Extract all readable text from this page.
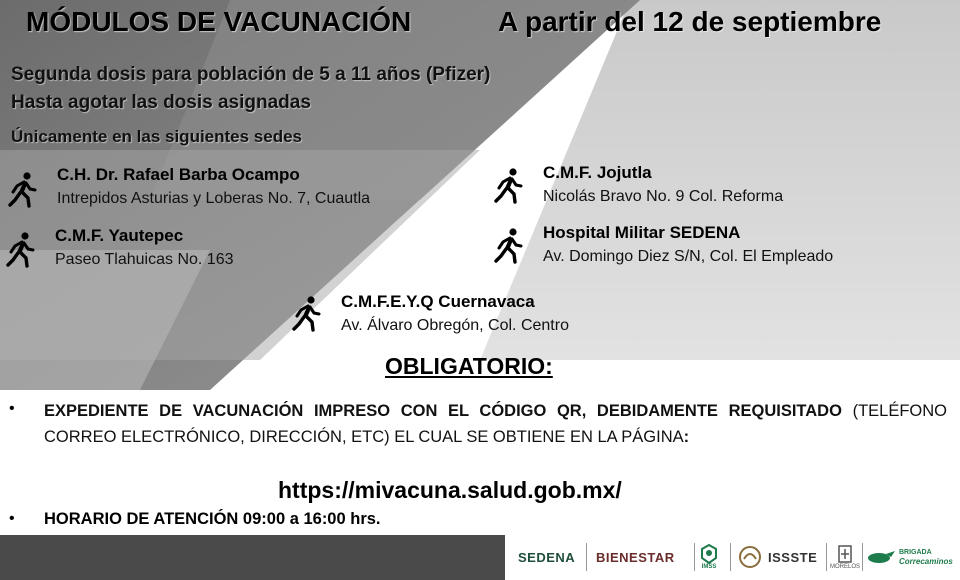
MÓDULOS DE VACUNACIÓN	A partir del 12 de septiembre
Segunda dosis para población de 5 a 11 años (Pfizer)
Hasta agotar las dosis asignadas
Únicamente en las siguientes sedes
C.H. Dr. Rafael Barba Ocampo
Intrepidos Asturias y Loberas No. 7, Cuautla
C.M.F. Yautepec
Paseo Tlahuicas No. 163
C.M.F. Jojutla
Nicolás Bravo No. 9 Col. Reforma
Hospital Militar SEDENA
Av. Domingo Diez S/N, Col. El Empleado
C.M.F.E.Y.Q Cuernavaca
Av. Álvaro Obregón, Col. Centro
OBLIGATORIO:
• EXPEDIENTE DE VACUNACIÓN IMPRESO CON EL CÓDIGO QR, DEBIDAMENTE REQUISITADO (TELÉFONO CORREO ELECTRÓNICO, DIRECCIÓN, ETC) EL CUAL SE OBTIENE EN LA PÁGINA:
https://mivacuna.salud.gob.mx/
• HORARIO DE ATENCIÓN 09:00 a 16:00 hrs.
SEDENA BIENESTAR
IMSS
ISSSTE
MORELOS
BRIGADA
Correcaminos
